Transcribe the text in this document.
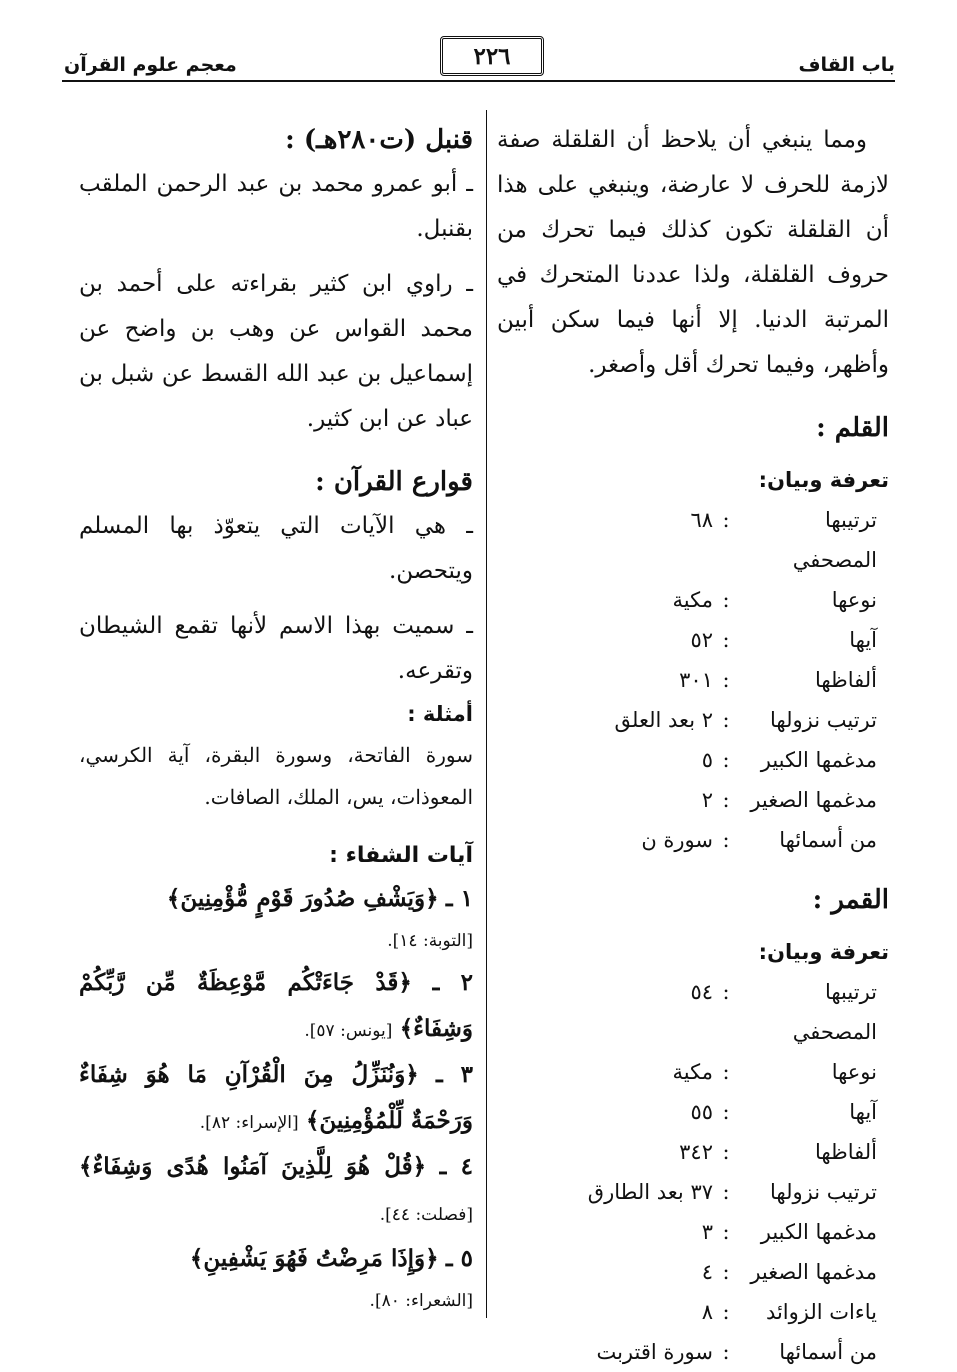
باب القاف
٢٢٦
معجم علوم القرآن

ومما ينبغي أن يلاحظ أن القلقلة صفة لازمة للحرف لا عارضة، وينبغي على هذا أن القلقلة تكون كذلك فيما تحرك من حروف القلقلة، ولذا عددنا المتحرك في المرتبة الدنيا. إلا أنها فيما سكن أبين وأظهر، وفيما تحرك أقل وأصغر.

القلم :

تعرفة وبيان:

ترتيبها المصحفي
:
٦٨
نوعها
:
مكية
آيها
:
٥٢
ألفاظها
:
٣٠١
ترتيب نزولها
:
٢ بعد العلق
مدغمها الكبير
:
٥
مدغمها الصغير
:
٢
من أسمائها
:
سورة ن

القمر :

تعرفة وبيان:

ترتيبها المصحفي
:
٥٤
نوعها
:
مكية
آيها
:
٥٥
ألفاظها
:
٣٤٢
ترتيب نزولها
:
٣٧ بعد الطارق
مدغمها الكبير
:
٣
مدغمها الصغير
:
٤
ياءات الزوائد
:
٨
من أسمائها
:
سورة اقتربت

قنبل (ت٢٨٠هـ) :

ـ أبو عمرو محمد بن عبد الرحمن الملقب بقنبل.

ـ راوي ابن كثير بقراءته على أحمد بن محمد القواس عن وهب بن واضح عن إسماعيل بن عبد الله القسط عن شبل بن عباد عن ابن كثير.

قوارع القرآن :

ـ هي الآيات التي يتعوّذ بها المسلم ويتحصن.

ـ سميت بهذا الاسم لأنها تقمع الشيطان وتقرعه.

أمثلة :

سورة الفاتحة، وسورة البقرة، آية الكرسي، المعوذات، يس، الملك، الصافات.

آيات الشفاء :

١ ـ ﴿وَيَشْفِ صُدُورَ قَوْمٍ مُّؤْمِنِينَ﴾

[التوبة: ١٤].

٢ ـ ﴿قَدْ جَاءَتْكُم مَّوْعِظَةٌ مِّن رَّبِّكُمْ وَشِفَاءٌ﴾ [يونس: ٥٧].

٣ ـ ﴿وَنُنَزِّلُ مِنَ الْقُرْآنِ مَا هُوَ شِفَاءٌ وَرَحْمَةٌ لِّلْمُؤْمِنِينَ﴾ [الإسراء: ٨٢].

٤ ـ ﴿قُلْ هُوَ لِلَّذِينَ آمَنُوا هُدًى وَشِفَاءٌ﴾ [فصلت: ٤٤].

٥ ـ ﴿وَإِذَا مَرِضْتُ فَهُوَ يَشْفِينِ﴾

[الشعراء: ٨٠].
